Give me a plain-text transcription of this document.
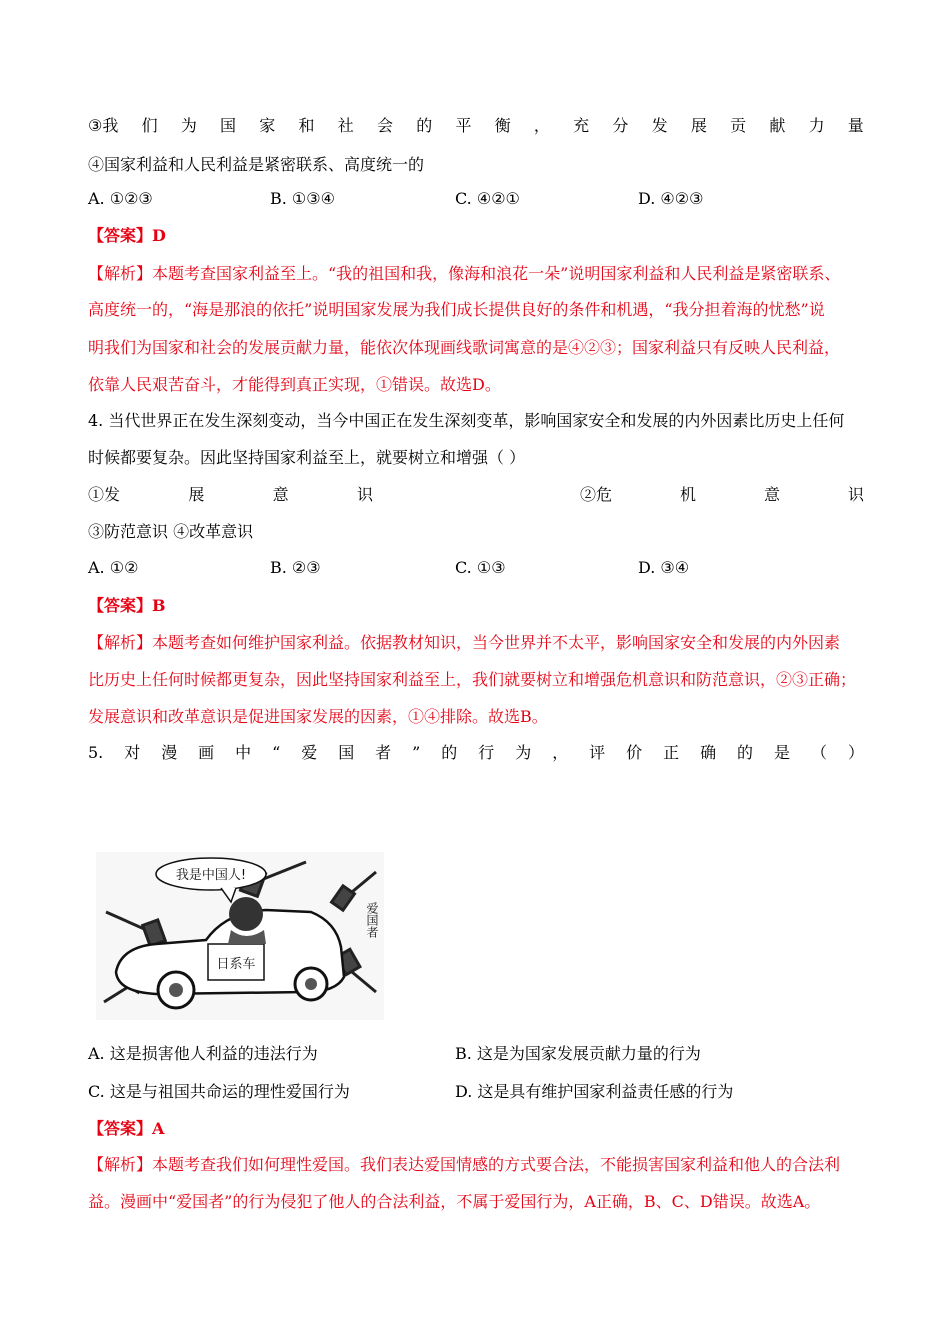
③我 们 为 国 家 和 社 会 的 平 衡 ， 充 分 发 展 贡 献 力 量
④国家利益和人民利益是紧密联系、高度统一的
A. ①②③	B. ①③④	C. ④②①	D. ④②③
【答案】D
【解析】本题考查国家利益至上。“我的祖国和我，像海和浪花一朵”说明国家利益和人民利益是紧密联系、
高度统一的，“海是那浪的依托”说明国家发展为我们成长提供良好的条件和机遇，“我分担着海的忧愁”说
明我们为国家和社会的发展贡献力量，能依次体现画线歌词寓意的是④②③；国家利益只有反映人民利益，
依靠人民艰苦奋斗，才能得到真正实现，①错误。故选D。
4. 当代世界正在发生深刻变动，当今中国正在发生深刻变革，影响国家安全和发展的内外因素比历史上任何
时候都要复杂。因此坚持国家利益至上，就要树立和增强（ ）
①发	展	意	识	②危	机	意	识
③防范意识 ④改革意识
A. ①②	B. ②③	C. ①③	D. ③④
【答案】B
【解析】本题考查如何维护国家利益。依据教材知识，当今世界并不太平，影响国家安全和发展的内外因素
比历史上任何时候都更复杂，因此坚持国家利益至上，我们就要树立和增强危机意识和防范意识，②③正确；
发展意识和改革意识是促进国家发展的因素，①④排除。故选B。
5. 对 漫 画 中 “ 爱 国 者 ” 的 行 为 ， 评 价 正 确 的 是 （ ）
日系车
我是中国人!
爱国者
A. 这是损害他人利益的违法行为	B. 这是为国家发展贡献力量的行为
C. 这是与祖国共命运的理性爱国行为	D. 这是具有维护国家利益责任感的行为
【答案】A
【解析】本题考查我们如何理性爱国。我们表达爱国情感的方式要合法，不能损害国家利益和他人的合法利
益。漫画中“爱国者”的行为侵犯了他人的合法利益，不属于爱国行为，A正确，B、C、D错误。故选A。
